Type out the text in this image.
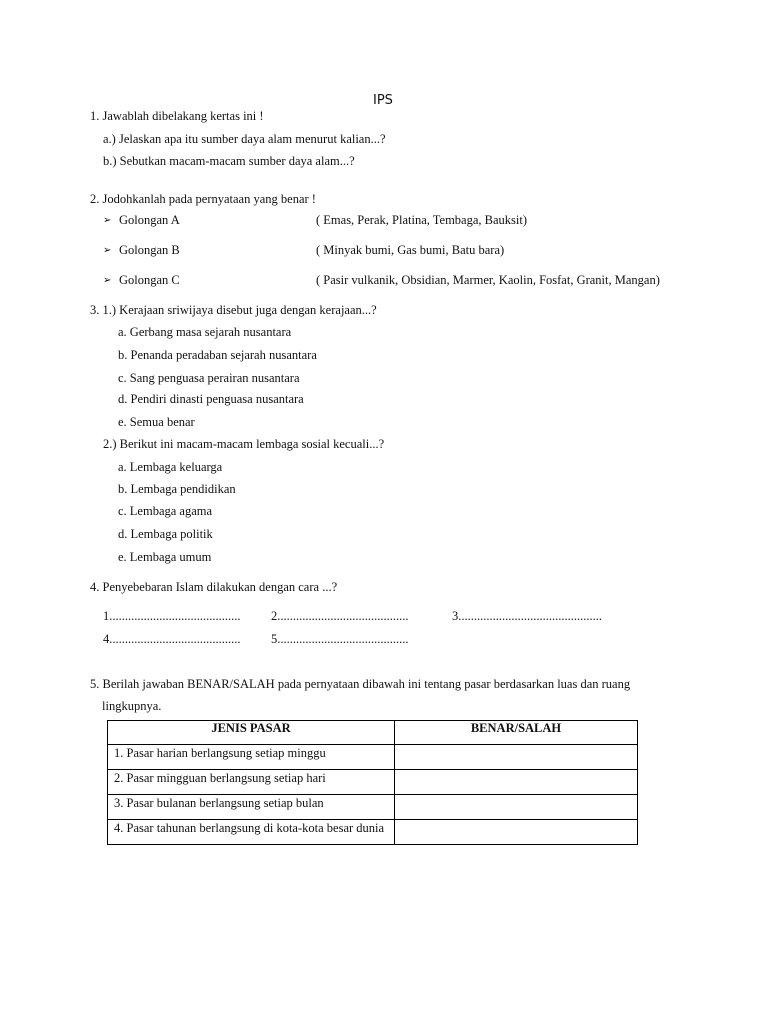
IPS
1. Jawablah dibelakang kertas ini !
a.) Jelaskan apa itu sumber daya alam menurut kalian...?
b.) Sebutkan macam-macam sumber daya alam...?
2. Jodohkanlah pada pernyataan yang benar !
➢ Golongan A	( Emas, Perak, Platina, Tembaga, Bauksit)
➢ Golongan B	( Minyak bumi, Gas bumi, Batu bara)
➢ Golongan C	( Pasir vulkanik, Obsidian, Marmer, Kaolin, Fosfat, Granit, Mangan)
3. 1.) Kerajaan sriwijaya disebut juga dengan kerajaan...?
a. Gerbang masa sejarah nusantara
b. Penanda peradaban sejarah nusantara
c. Sang penguasa perairan nusantara
d. Pendiri dinasti penguasa nusantara
e. Semua benar
2.) Berikut ini macam-macam lembaga sosial kecuali...?
a. Lembaga keluarga
b. Lembaga pendidikan
c. Lembaga agama
d. Lembaga politik
e. Lembaga umum
4. Penyebebaran Islam dilakukan dengan cara ...?
1.......................................... 2..........................................	3..............................................
4.......................................... 5..........................................
5. Berilah jawaban BENAR/SALAH pada pernyataan dibawah ini tentang pasar berdasarkan luas dan ruang
lingkupnya.
JENIS PASAR	BENAR/SALAH
1. Pasar harian berlangsung setiap minggu	
2. Pasar mingguan berlangsung setiap hari	
3. Pasar bulanan berlangsung setiap bulan	
4. Pasar tahunan berlangsung di kota-kota besar dunia	
